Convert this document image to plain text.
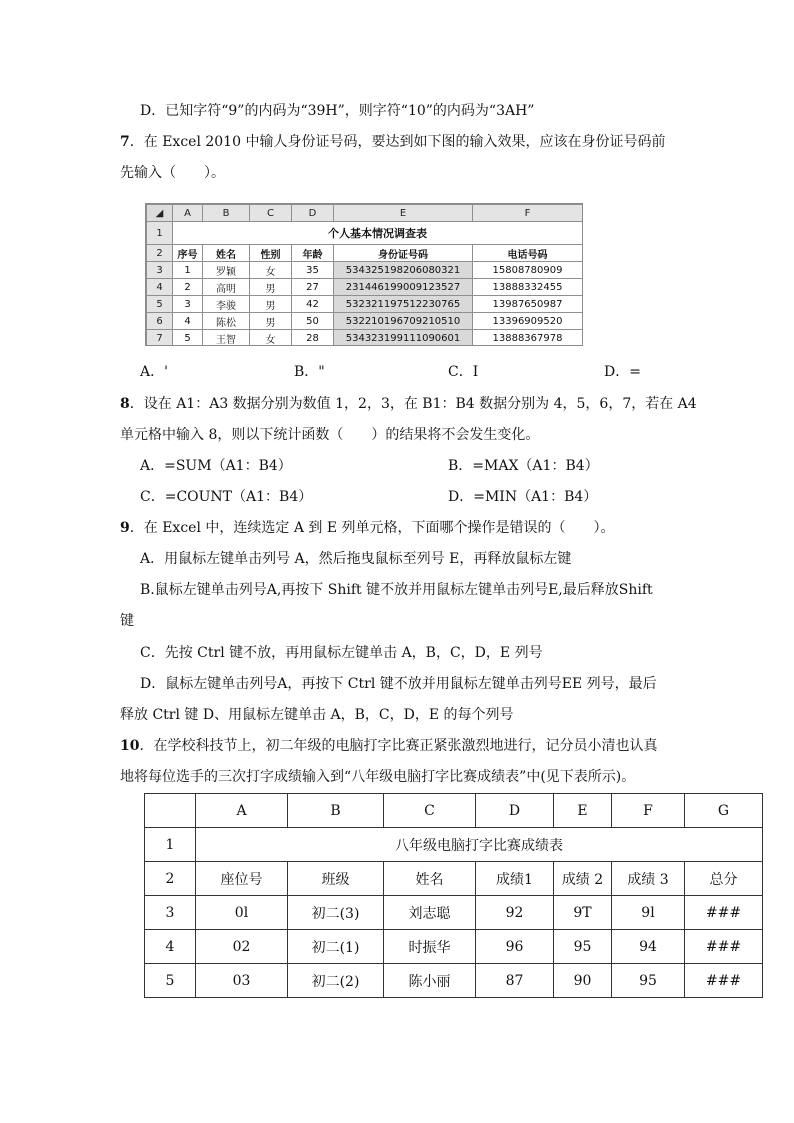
D．已知字符“9”的内码为“39H”，则字符“10”的内码为“3AH”
7．在 Excel 2010 中输人身份证号码，要达到如下图的输入效果，应该在身份证号码前
先输入（　　）。
◢	A	B	C	D	E	F
1	个人基本情况调查表					
2	序号	姓名	性别	年龄	身份证号码	电话号码
3	1	罗颖	女	35	534325198206080321	15808780909
4	2	高明	男	27	231446199009123527	13888332455
5	3	李骏	男	42	532321197512230765	13987650987
6	4	陈松	男	50	532210196709210510	13396909520
7	5	王智	女	28	534323199111090601	13888367978
A．'	B．"	C．I	D．=
8．设在 A1：A3 数据分别为数值 1，2，3，在 B1：B4 数据分别为 4，5，6，7，若在 A4
单元格中输入 8，则以下统计函数（　　）的结果将不会发生变化。
A．=SUM（A1：B4）	B．=MAX（A1：B4）
C．=COUNT（A1：B4）	D．=MIN（A1：B4）
9．在 Excel 中，连续选定 A 到 E 列单元格，下面哪个操作是错误的（　　）。
A．用鼠标左键单击列号 A，然后拖曳鼠标至列号 E，再释放鼠标左键
B.鼠标左键单击列号A,再按下 Shift 键不放并用鼠标左键单击列号E,最后释放Shift
键
C．先按 Ctrl 键不放，再用鼠标左键单击 A，B，C，D，E 列号
D．鼠标左键单击列号A，再按下 Ctrl 键不放并用鼠标左键单击列号EE 列号，最后
释放 Ctrl 键 D、用鼠标左键单击 A，B，C，D，E 的每个列号
10．在学校科技节上，初二年级的电脑打字比赛正紧张激烈地进行，记分员小清也认真
地将每位选手的三次打字成绩输入到“八年级电脑打字比赛成绩表”中(见下表所示)。
	A	B	C	D	E	F	G
1	八年级电脑打字比赛成绩表						
2	座位号	班级	姓名	成绩1	成绩 2	成绩 3	总分
3	0l	初二(3)	刘志聪	92	9T	9l	###
4	02	初二(1)	时振华	96	95	94	###
5	03	初二(2)	陈小丽	87	90	95	###
